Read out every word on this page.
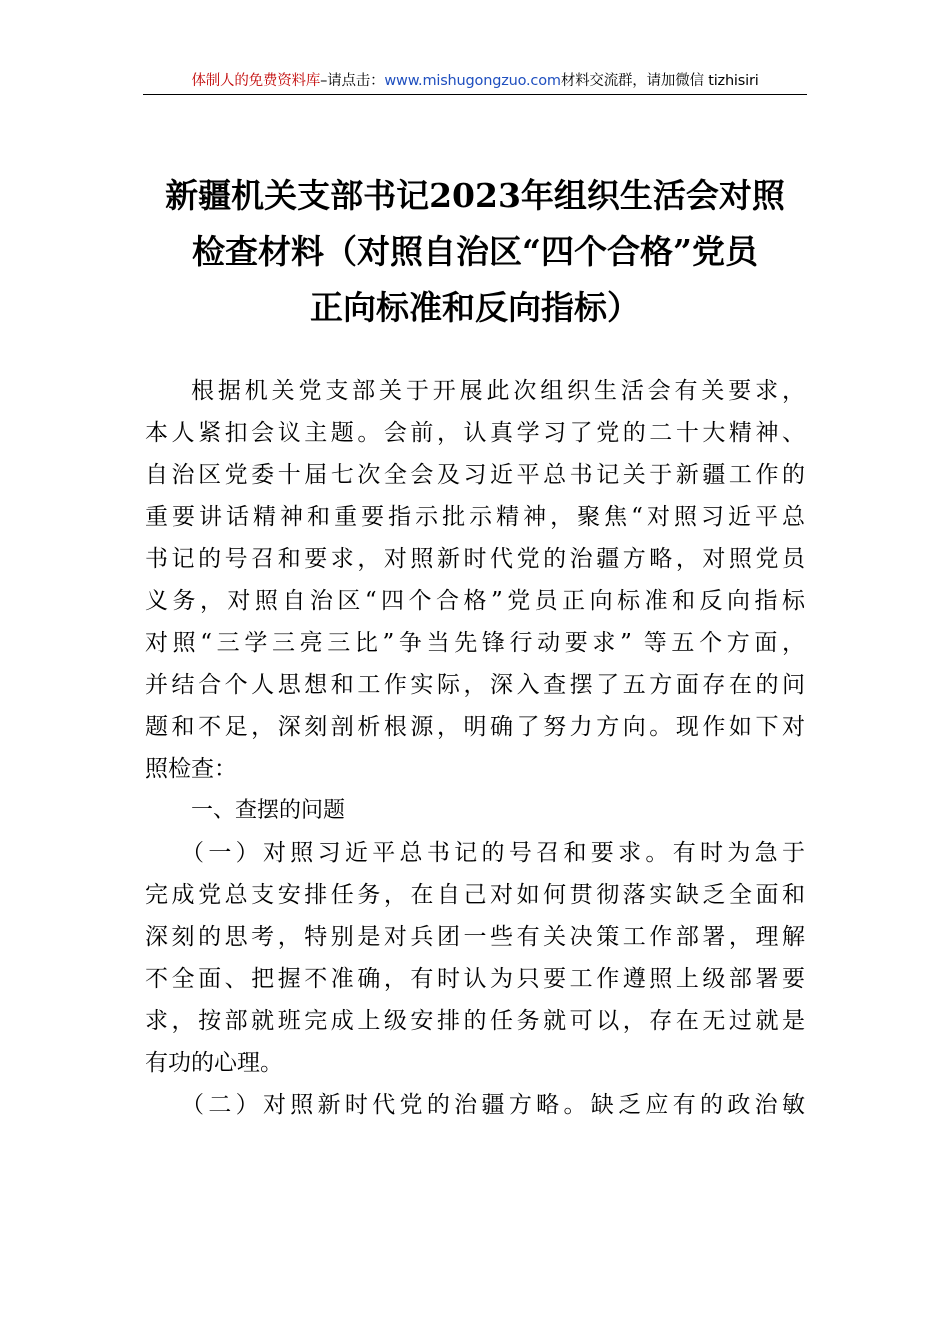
体制人的免费资料库–请点击：www.mishugongzuo.com材料交流群，请加微信 tizhisiri
新疆机关支部书记2023年组织生活会对照
检查材料（对照自治区“四个合格”党员
正向标准和反向指标）
根据机关党支部关于开展此次组织生活会有关要求，
本人紧扣会议主题。会前，认真学习了党的二十大精神、
自治区党委十届七次全会及习近平总书记关于新疆工作的
重要讲话精神和重要指示批示精神，聚焦“对照习近平总
书记的号召和要求，对照新时代党的治疆方略，对照党员
义务，对照自治区“四个合格”党员正向标准和反向指标
对照“三学三亮三比”争当先锋行动要求” 等五个方面，
并结合个人思想和工作实际，深入查摆了五方面存在的问
题和不足，深刻剖析根源，明确了努力方向。现作如下对
照检查：
一、查摆的问题
（一）对照习近平总书记的号召和要求。有时为急于
完成党总支安排任务，在自己对如何贯彻落实缺乏全面和
深刻的思考，特别是对兵团一些有关决策工作部署，理解
不全面、把握不准确，有时认为只要工作遵照上级部署要
求，按部就班完成上级安排的任务就可以，存在无过就是
有功的心理。
（二）对照新时代党的治疆方略。缺乏应有的政治敏
